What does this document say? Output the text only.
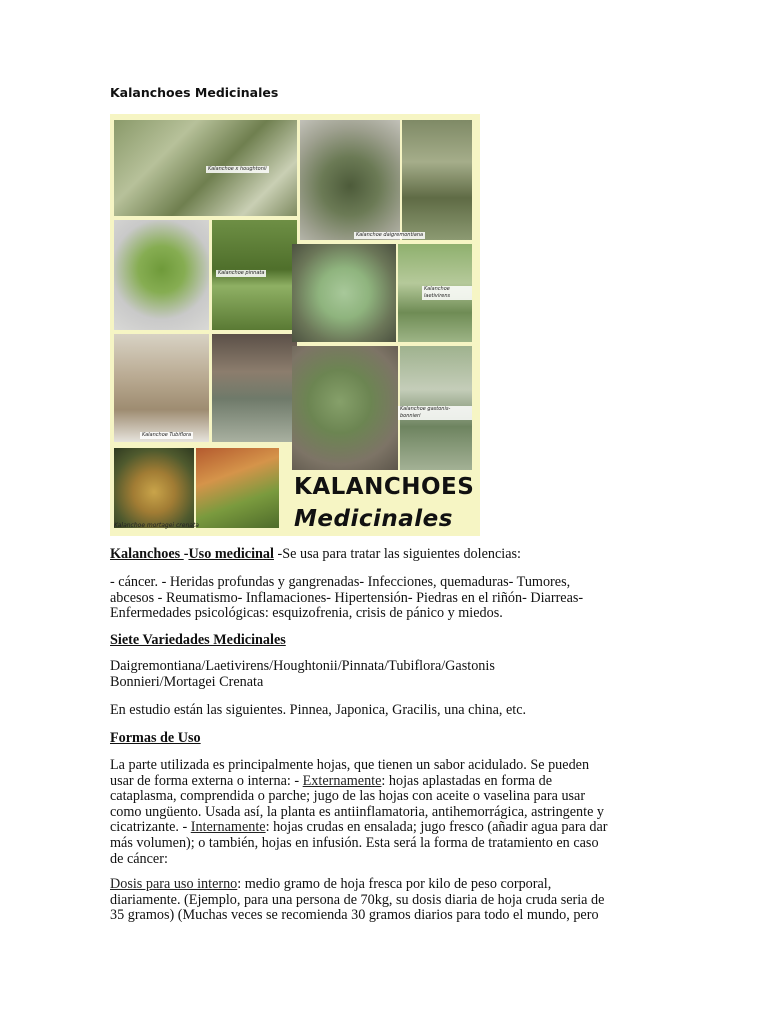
Kalanchoes Medicinales
Kalanchoe x houghtonii
Kalanchoe pinnata
Kalanchoe Tubiflora
Kalanchoe mortagei crenata
Kalanchoe daigremontiana
Kalanchoe laetivirens
Kalanchoe gastonis-bonnieri
KALANCHOES
Medicinales
Kalanchoes -Uso medicinal -Se usa para tratar las siguientes dolencias:
- cáncer. - Heridas profundas y gangrenadas- Infecciones, quemaduras- Tumores,
abcesos - Reumatismo- Inflamaciones- Hipertensión- Piedras en el riñón- Diarreas-
Enfermedades psicológicas: esquizofrenia, crisis de pánico y miedos.
Siete Variedades Medicinales
Daigremontiana/Laetivirens/Houghtonii/Pinnata/Tubiflora/Gastonis
Bonnieri/Mortagei Crenata
En estudio están las siguientes. Pinnea, Japonica, Gracilis, una china, etc.
Formas de Uso
La parte utilizada es principalmente hojas, que tienen un sabor acidulado. Se pueden
usar de forma externa o interna: - Externamente: hojas aplastadas en forma de
cataplasma, comprendida o parche; jugo de las hojas con aceite o vaselina para usar
como ungüento. Usada así, la planta es antiinflamatoria, antihemorrágica, astringente y
cicatrizante. - Internamente: hojas crudas en ensalada; jugo fresco (añadir agua para dar
más volumen); o también, hojas en infusión. Esta será la forma de tratamiento en caso
de cáncer:
Dosis para uso interno: medio gramo de hoja fresca por kilo de peso corporal,
diariamente. (Ejemplo, para una persona de 70kg, su dosis diaria de hoja cruda seria de
35 gramos) (Muchas veces se recomienda 30 gramos diarios para todo el mundo, pero
